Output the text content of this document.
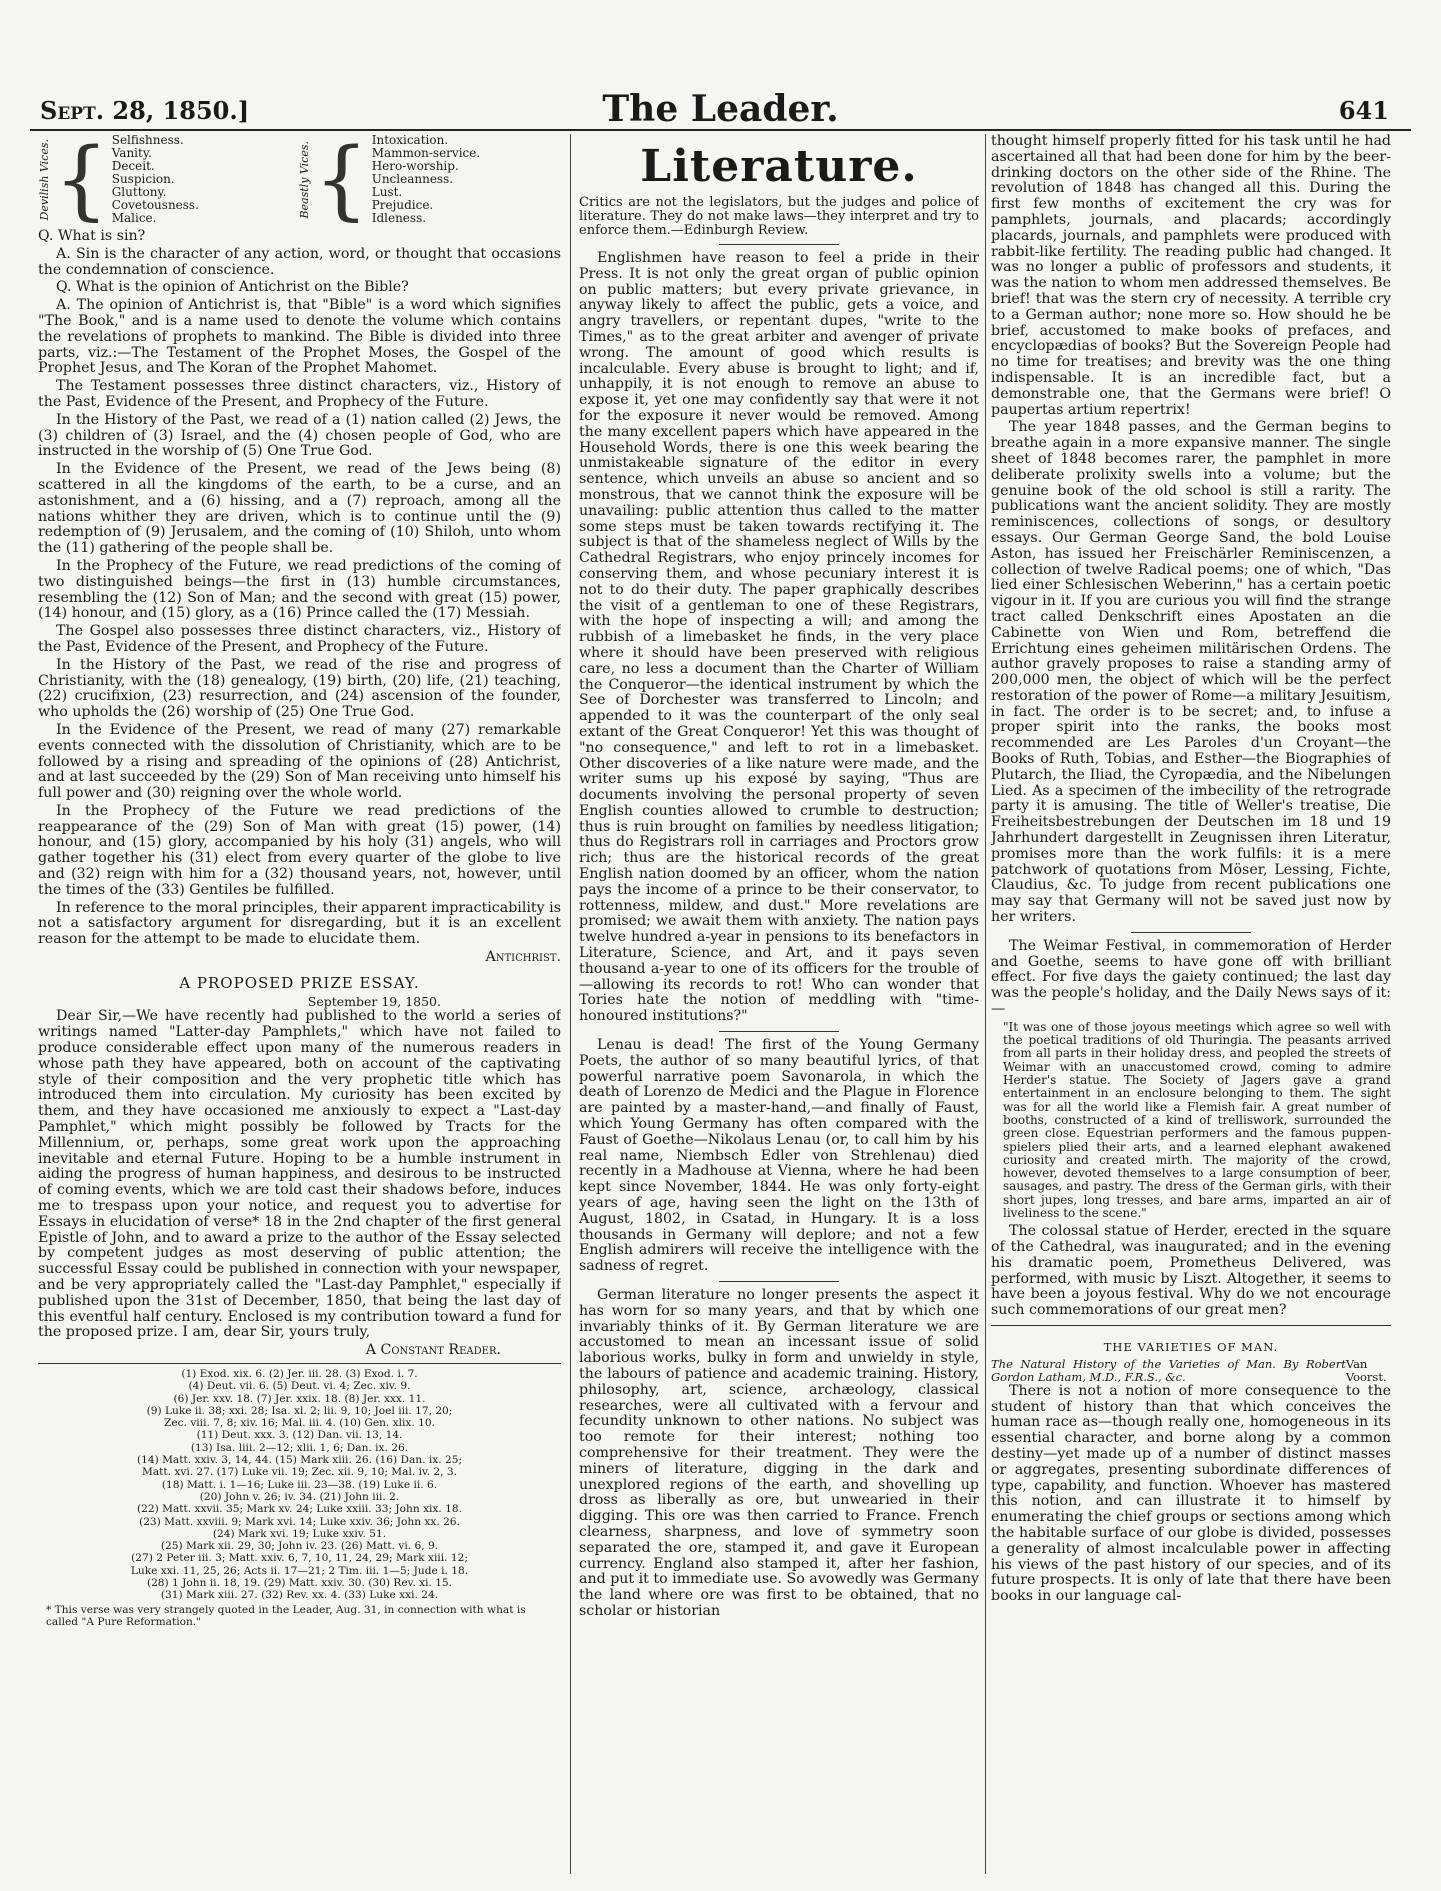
Sept. 28, 1850.]	The Leader.	641
Devilish Vices. { Selfishness.
Vanity.
Deceit.
Suspicion.
Gluttony.
Covetousness.
Malice.	Beastly Vices. { Intoxication.
Mammon-service.
Hero-worship.
Uncleanness.
Lust.
Prejudice.
Idleness.

Q. What is sin?

A. Sin is the character of any action, word, or thought that occasions the condemnation of conscience.

Q. What is the opinion of Antichrist on the Bible?

A. The opinion of Antichrist is, that "Bible" is a word which signifies "The Book," and is a name used to denote the volume which contains the revelations of prophets to mankind. The Bible is divided into three parts, viz.:—The Testament of the Prophet Moses, the Gospel of the Prophet Jesus, and The Koran of the Prophet Mahomet.

The Testament possesses three distinct characters, viz., History of the Past, Evidence of the Present, and Prophecy of the Future.

In the History of the Past, we read of a (1) nation called (2) Jews, the (3) children of (3) Israel, and the (4) chosen people of God, who are instructed in the worship of (5) One True God.

In the Evidence of the Present, we read of the Jews being (8) scattered in all the kingdoms of the earth, to be a curse, and an astonishment, and a (6) hissing, and a (7) reproach, among all the nations whither they are driven, which is to continue until the (9) redemption of (9) Jerusalem, and the coming of (10) Shiloh, unto whom the (11) gathering of the people shall be.

In the Prophecy of the Future, we read predictions of the coming of two distinguished beings—the first in (13) humble circumstances, resembling the (12) Son of Man; and the second with great (15) power, (14) honour, and (15) glory, as a (16) Prince called the (17) Messiah.

The Gospel also possesses three distinct characters, viz., History of the Past, Evidence of the Present, and Prophecy of the Future.

In the History of the Past, we read of the rise and progress of Christianity, with the (18) genealogy, (19) birth, (20) life, (21) teaching, (22) crucifixion, (23) resurrection, and (24) ascension of the founder, who upholds the (26) worship of (25) One True God.

In the Evidence of the Present, we read of many (27) remarkable events connected with the dissolution of Christianity, which are to be followed by a rising and spreading of the opinions of (28) Antichrist, and at last succeeded by the (29) Son of Man receiving unto himself his full power and (30) reigning over the whole world.

In the Prophecy of the Future we read predictions of the reappearance of the (29) Son of Man with great (15) power, (14) honour, and (15) glory, accompanied by his holy (31) angels, who will gather together his (31) elect from every quarter of the globe to live and (32) reign with him for a (32) thousand years, not, however, until the times of the (33) Gentiles be fulfilled.

In reference to the moral principles, their apparent impracticability is not a satisfactory argument for disregarding, but it is an excellent reason for the attempt to be made to elucidate them.

Antichrist.
A PROPOSED PRIZE ESSAY.
September 19, 1850.

Dear Sir,—We have recently had published to the world a series of writings named "Latter-day Pamphlets," which have not failed to produce considerable effect upon many of the numerous readers in whose path they have appeared, both on account of the captivating style of their composition and the very prophetic title which has introduced them into circulation. My curiosity has been excited by them, and they have occasioned me anxiously to expect a "Last-day Pamphlet," which might possibly be followed by Tracts for the Millennium, or, perhaps, some great work upon the approaching inevitable and eternal Future. Hoping to be a humble instrument in aiding the progress of human happiness, and desirous to be instructed of coming events, which we are told cast their shadows before, induces me to trespass upon your notice, and request you to advertise for Essays in elucidation of verse* 18 in the 2nd chapter of the first general Epistle of John, and to award a prize to the author of the Essay selected by competent judges as most deserving of public attention; the successful Essay could be published in connection with your newspaper, and be very appropriately called the "Last-day Pamphlet," especially if published upon the 31st of December, 1850, that being the last day of this eventful half century. Enclosed is my contribution toward a fund for the proposed prize. I am, dear Sir, yours truly,

A Constant Reader.
(1) Exod. xix. 6. (2) Jer. iii. 28. (3) Exod. i. 7.
(4) Deut. vii. 6. (5) Deut. vi. 4; Zec. xiv. 9.
(6) Jer. xxv. 18. (7) Jer. xxix. 18. (8) Jer. xxx. 11.
(9) Luke ii. 38; xxi. 28; Isa. xl. 2; lii. 9, 10; Joel iii. 17, 20;
Zec. viii. 7, 8; xiv. 16; Mal. iii. 4. (10) Gen. xlix. 10.
(11) Deut. xxx. 3. (12) Dan. vii. 13, 14.
(13) Isa. liii. 2—12; xlii. 1, 6; Dan. ix. 26.
(14) Matt. xxiv. 3, 14, 44. (15) Mark xiii. 26. (16) Dan. ix. 25;
Matt. xvi. 27. (17) Luke vii. 19; Zec. xii. 9, 10; Mal. iv. 2, 3.
(18) Matt. i. 1—16; Luke iii. 23—38. (19) Luke ii. 6.
(20) John v. 26; iv. 34. (21) John iii. 2.
(22) Matt. xxvii. 35; Mark xv. 24; Luke xxiii. 33; John xix. 18.
(23) Matt. xxviii. 9; Mark xvi. 14; Luke xxiv. 36; John xx. 26.
(24) Mark xvi. 19; Luke xxiv. 51.
(25) Mark xii. 29, 30; John iv. 23. (26) Matt. vi. 6, 9.
(27) 2 Peter iii. 3; Matt. xxiv. 6, 7, 10, 11, 24, 29; Mark xiii. 12;
Luke xxi. 11, 25, 26; Acts ii. 17—21; 2 Tim. iii. 1—5; Jude i. 18.
(28) 1 John ii. 18, 19. (29) Matt. xxiv. 30. (30) Rev. xi. 15.
(31) Mark xiii. 27. (32) Rev. xx. 4. (33) Luke xxi. 24.
* This verse was very strangely quoted in the Leader, Aug. 31, in connection with what is called "A Pure Reformation."
Literature.
Critics are not the legislators, but the judges and police of literature. They do not make laws—they interpret and try to enforce them.—Edinburgh Review.

Englishmen have reason to feel a pride in their Press. It is not only the great organ of public opinion on public matters; but every private grievance, in anyway likely to affect the public, gets a voice, and angry travellers, or repentant dupes, "write to the Times," as to the great arbiter and avenger of private wrong. The amount of good which results is incalculable. Every abuse is brought to light; and if, unhappily, it is not enough to remove an abuse to expose it, yet one may confidently say that were it not for the exposure it never would be removed. Among the many excellent papers which have appeared in the Household Words, there is one this week bearing the unmistakeable signature of the editor in every sentence, which unveils an abuse so ancient and so monstrous, that we cannot think the exposure will be unavailing: public attention thus called to the matter some steps must be taken towards rectifying it. The subject is that of the shameless neglect of Wills by the Cathedral Registrars, who enjoy princely incomes for conserving them, and whose pecuniary interest it is not to do their duty. The paper graphically describes the visit of a gentleman to one of these Registrars, with the hope of inspecting a will; and among the rubbish of a limebasket he finds, in the very place where it should have been preserved with religious care, no less a document than the Charter of William the Conqueror—the identical instrument by which the See of Dorchester was transferred to Lincoln; and appended to it was the counterpart of the only seal extant of the Great Conqueror! Yet this was thought of "no consequence," and left to rot in a limebasket. Other discoveries of a like nature were made, and the writer sums up his exposé by saying, "Thus are documents involving the personal property of seven English counties allowed to crumble to destruction; thus is ruin brought on families by needless litigation; thus do Registrars roll in carriages and Proctors grow rich; thus are the historical records of the great English nation doomed by an officer, whom the nation pays the income of a prince to be their conservator, to rottenness, mildew, and dust." More revelations are promised; we await them with anxiety. The nation pays twelve hundred a-year in pensions to its benefactors in Literature, Science, and Art, and it pays seven thousand a-year to one of its officers for the trouble of—allowing its records to rot! Who can wonder that Tories hate the notion of meddling with "time-honoured institutions?"

Lenau is dead! The first of the Young Germany Poets, the author of so many beautiful lyrics, of that powerful narrative poem Savonarola, in which the death of Lorenzo de Medici and the Plague in Florence are painted by a master-hand,—and finally of Faust, which Young Germany has often compared with the Faust of Goethe—Nikolaus Lenau (or, to call him by his real name, Niembsch Edler von Strehlenau) died recently in a Madhouse at Vienna, where he had been kept since November, 1844. He was only forty-eight years of age, having seen the light on the 13th of August, 1802, in Csatad, in Hungary. It is a loss thousands in Germany will deplore; and not a few English admirers will receive the intelligence with the sadness of regret.

German literature no longer presents the aspect it has worn for so many years, and that by which one invariably thinks of it. By German literature we are accustomed to mean an incessant issue of solid laborious works, bulky in form and unwieldy in style, the labours of patience and academic training. History, philosophy, art, science, archæology, classical researches, were all cultivated with a fervour and fecundity unknown to other nations. No subject was too remote for their interest; nothing too comprehensive for their treatment. They were the miners of literature, digging in the dark and unexplored regions of the earth, and shovelling up dross as liberally as ore, but unwearied in their digging. This ore was then carried to France. French clearness, sharpness, and love of symmetry soon separated the ore, stamped it, and gave it European currency. England also stamped it, after her fashion, and put it to immediate use. So avowedly was Germany the land where ore was first to be obtained, that no scholar or historian

thought himself properly fitted for his task until he had ascertained all that had been done for him by the beer-drinking doctors on the other side of the Rhine. The revolution of 1848 has changed all this. During the first few months of excitement the cry was for pamphlets, journals, and placards; accordingly placards, journals, and pamphlets were produced with rabbit-like fertility. The reading public had changed. It was no longer a public of professors and students, it was the nation to whom men addressed themselves. Be brief! that was the stern cry of necessity. A terrible cry to a German author; none more so. How should he be brief, accustomed to make books of prefaces, and encyclopædias of books? But the Sovereign People had no time for treatises; and brevity was the one thing indispensable. It is an incredible fact, but a demonstrable one, that the Germans were brief! O paupertas artium repertrix!

The year 1848 passes, and the German begins to breathe again in a more expansive manner. The single sheet of 1848 becomes rarer, the pamphlet in more deliberate prolixity swells into a volume; but the genuine book of the old school is still a rarity. The publications want the ancient solidity. They are mostly reminiscences, collections of songs, or desultory essays. Our German George Sand, the bold Louise Aston, has issued her Freischärler Reminiscenzen, a collection of twelve Radical poems; one of which, "Das lied einer Schlesischen Weberinn," has a certain poetic vigour in it. If you are curious you will find the strange tract called Denkschrift eines Apostaten an die Cabinette von Wien und Rom, betreffend die Errichtung eines geheimen militärischen Ordens. The author gravely proposes to raise a standing army of 200,000 men, the object of which will be the perfect restoration of the power of Rome—a military Jesuitism, in fact. The order is to be secret; and, to infuse a proper spirit into the ranks, the books most recommended are Les Paroles d'un Croyant—the Books of Ruth, Tobias, and Esther—the Biographies of Plutarch, the Iliad, the Cyropædia, and the Nibelungen Lied. As a specimen of the imbecility of the retrograde party it is amusing. The title of Weller's treatise, Die Freiheitsbestrebungen der Deutschen im 18 und 19 Jahrhundert dargestellt in Zeugnissen ihren Literatur, promises more than the work fulfils: it is a mere patchwork of quotations from Möser, Lessing, Fichte, Claudius, &c. To judge from recent publications one may say that Germany will not be saved just now by her writers.

The Weimar Festival, in commemoration of Herder and Goethe, seems to have gone off with brilliant effect. For five days the gaiety continued; the last day was the people's holiday, and the Daily News says of it:—

"It was one of those joyous meetings which agree so well with the poetical traditions of old Thuringia. The peasants arrived from all parts in their holiday dress, and peopled the streets of Weimar with an unaccustomed crowd, coming to admire Herder's statue. The Society of Jagers gave a grand entertainment in an enclosure belonging to them. The sight was for all the world like a Flemish fair. A great number of booths, constructed of a kind of trelliswork, surrounded the green close. Equestrian performers and the famous puppen-spielers plied their arts, and a learned elephant awakened curiosity and created mirth. The majority of the crowd, however, devoted themselves to a large consumption of beer, sausages, and pastry. The dress of the German girls, with their short jupes, long tresses, and bare arms, imparted an air of liveliness to the scene."

The colossal statue of Herder, erected in the square of the Cathedral, was inaugurated; and in the evening his dramatic poem, Prometheus Delivered, was performed, with music by Liszt. Altogether, it seems to have been a joyous festival. Why do we not encourage such commemorations of our great men?

THE VARIETIES OF MAN.
The Natural History of the Varieties of Man. By Robert Gordon Latham, M.D., F.R.S., &c.
Van Voorst.

There is not a notion of more consequence to the student of history than that which conceives the human race as—though really one, homogeneous in its essential character, and borne along by a common destiny—yet made up of a number of distinct masses or aggregates, presenting subordinate differences of type, capability, and function. Whoever has mastered this notion, and can illustrate it to himself by enumerating the chief groups or sections among which the habitable surface of our globe is divided, possesses a generality of almost incalculable power in affecting his views of the past history of our species, and of its future prospects. It is only of late that there have been books in our language cal-
